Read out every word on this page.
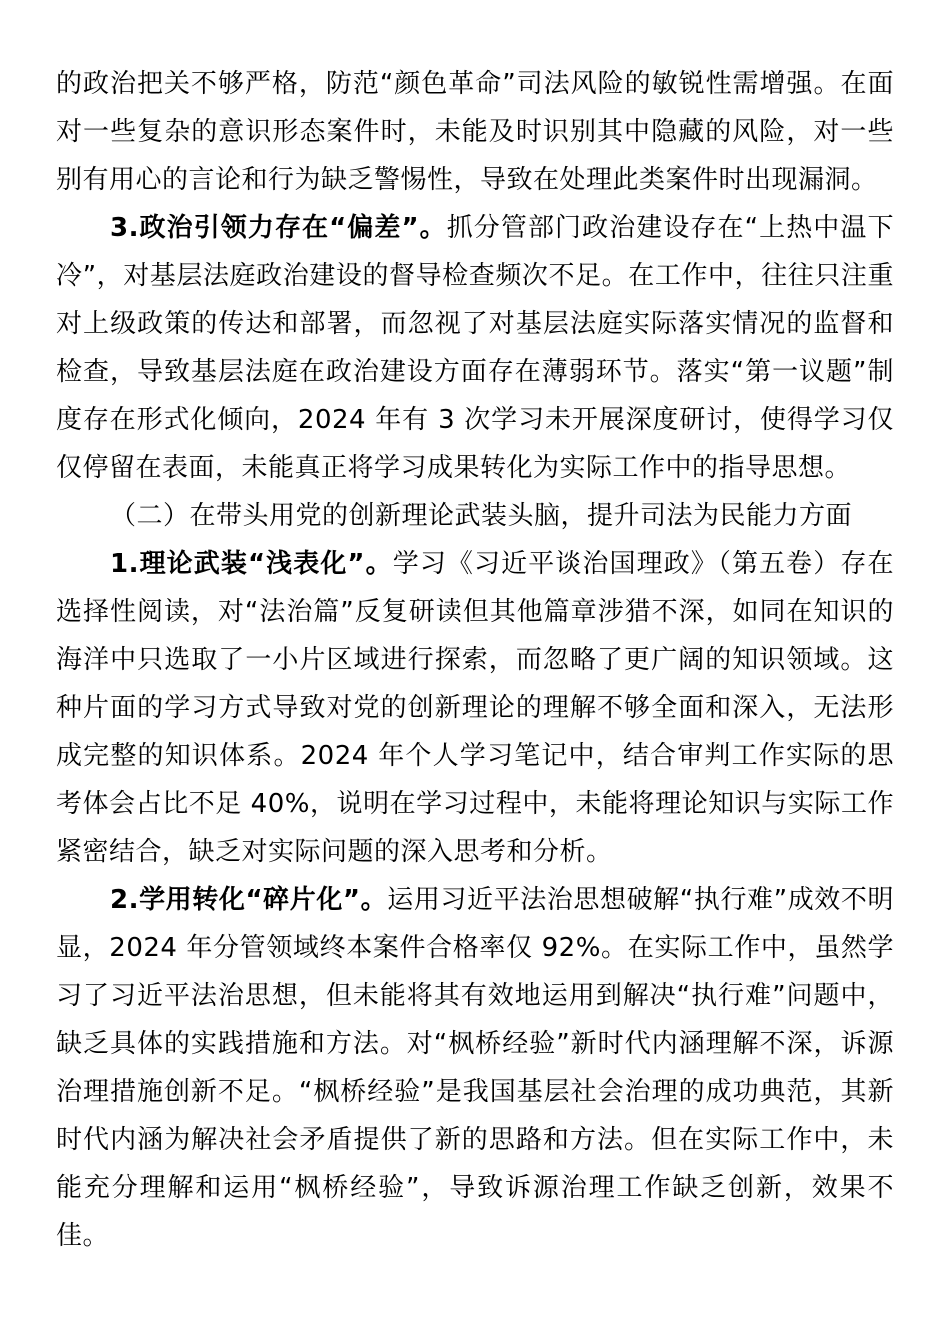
的政治把关不够严格，防范“颜色革命”司法风险的敏锐性需增强。在面对一些复杂的意识形态案件时，未能及时识别其中隐藏的风险，对一些别有用心的言论和行为缺乏警惕性，导致在处理此类案件时出现漏洞。

3.政治引领力存在“偏差”。抓分管部门政治建设存在“上热中温下冷”，对基层法庭政治建设的督导检查频次不足。在工作中，往往只注重对上级政策的传达和部署，而忽视了对基层法庭实际落实情况的监督和检查，导致基层法庭在政治建设方面存在薄弱环节。落实“第一议题”制度存在形式化倾向，2024 年有 3 次学习未开展深度研讨，使得学习仅仅停留在表面，未能真正将学习成果转化为实际工作中的指导思想。

（二）在带头用党的创新理论武装头脑，提升司法为民能力方面

1.理论武装“浅表化”。学习《习近平谈治国理政》（第五卷）存在选择性阅读，对“法治篇”反复研读但其他篇章涉猎不深，如同在知识的海洋中只选取了一小片区域进行探索，而忽略了更广阔的知识领域。这种片面的学习方式导致对党的创新理论的理解不够全面和深入，无法形成完整的知识体系。2024 年个人学习笔记中，结合审判工作实际的思考体会占比不足 40%，说明在学习过程中，未能将理论知识与实际工作紧密结合，缺乏对实际问题的深入思考和分析。

2.学用转化“碎片化”。运用习近平法治思想破解“执行难”成效不明显，2024 年分管领域终本案件合格率仅 92%。在实际工作中，虽然学习了习近平法治思想，但未能将其有效地运用到解决“执行难”问题中，缺乏具体的实践措施和方法。对“枫桥经验”新时代内涵理解不深，诉源治理措施创新不足。“枫桥经验”是我国基层社会治理的成功典范，其新时代内涵为解决社会矛盾提供了新的思路和方法。但在实际工作中，未能充分理解和运用“枫桥经验”，导致诉源治理工作缺乏创新，效果不佳。
